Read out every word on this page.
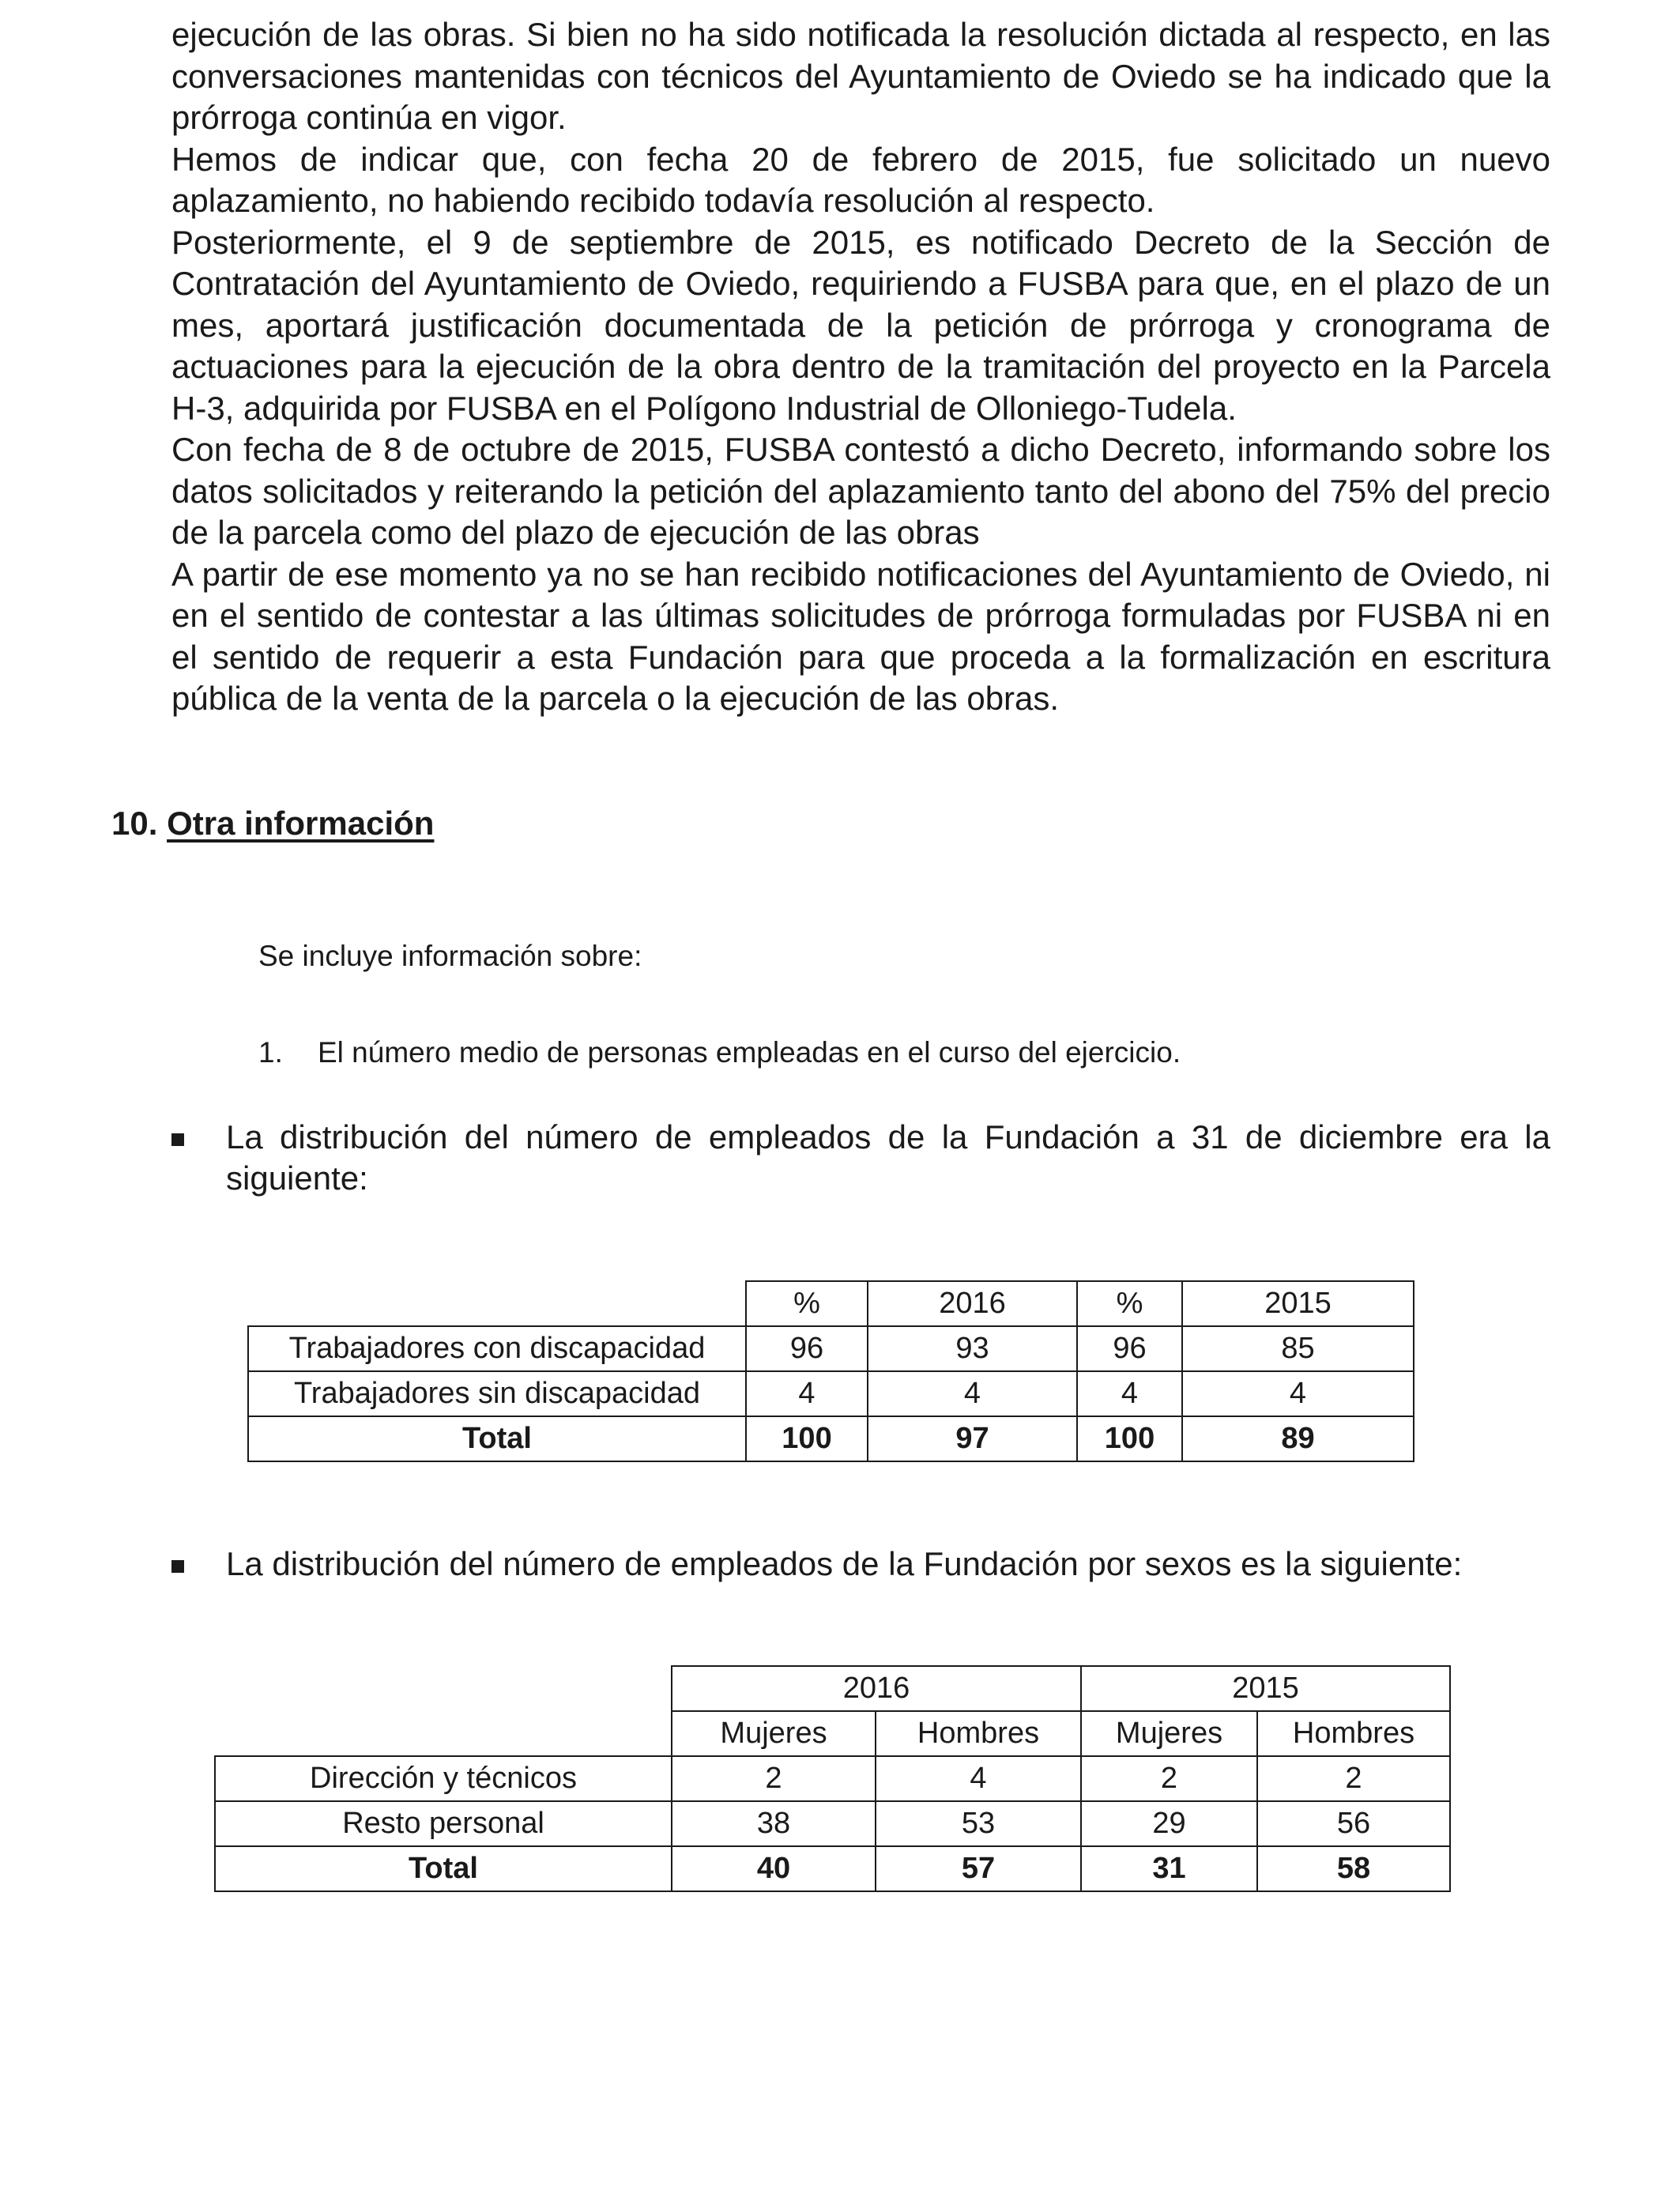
ejecución de las obras. Si bien no ha sido notificada la resolución dictada al respecto, en las conversaciones mantenidas con técnicos del Ayuntamiento de Oviedo se ha indicado que la prórroga continúa en vigor.

Hemos de indicar que, con fecha 20 de febrero de 2015, fue solicitado un nuevo aplazamiento, no habiendo recibido todavía resolución al respecto.

Posteriormente, el 9 de septiembre de 2015, es notificado Decreto de la Sección de Contratación del Ayuntamiento de Oviedo, requiriendo a FUSBA para que, en el plazo de un mes, aportará justificación documentada de la petición de prórroga y cronograma de actuaciones para la ejecución de la obra dentro de la tramitación del proyecto en la Parcela H-3, adquirida por FUSBA en el Polígono Industrial de Olloniego-Tudela.

Con fecha de 8 de octubre de 2015, FUSBA contestó a dicho Decreto, informando sobre los datos solicitados y reiterando la petición del aplazamiento tanto del abono del 75% del precio de la parcela como del plazo de ejecución de las obras

A partir de ese momento ya no se han recibido notificaciones del Ayuntamiento de Oviedo, ni en el sentido de contestar a las últimas solicitudes de prórroga formuladas por FUSBA ni en el sentido de requerir a esta Fundación para que proceda a la formalización en escritura pública de la venta de la parcela o la ejecución de las obras.

10. Otra información
Se incluye información sobre:
1. El número medio de personas empleadas en el curso del ejercicio.
La distribución del número de empleados de la Fundación a 31 de diciembre era la siguiente:
	%	2016	%	2015
Trabajadores con discapacidad	96	93	96	85
Trabajadores sin discapacidad	4	4	4	4
Total	100	97	100	89
La distribución del número de empleados de la Fundación por sexos es la siguiente:
	2016		2015	
	Mujeres	Hombres	Mujeres	Hombres
Dirección y técnicos	2	4	2	2
Resto personal	38	53	29	56
Total	40	57	31	58
